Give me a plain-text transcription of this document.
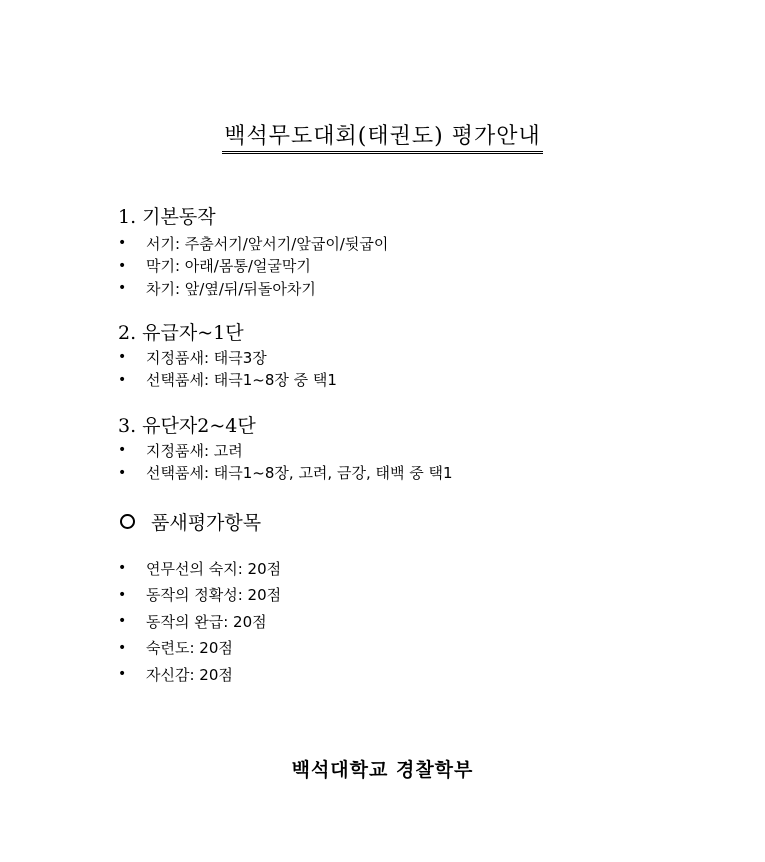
백석무도대회(태권도) 평가안내
1. 기본동작
•	서기: 주춤서기/앞서기/앞굽이/뒷굽이
•	막기: 아래/몸통/얼굴막기
•	차기: 앞/옆/뒤/뒤돌아차기
2. 유급자~1단
•	지정품새: 태극3장
•	선택품세: 태극1~8장 중 택1
3. 유단자2~4단
•	지정품새: 고려
•	선택품세: 태극1~8장, 고려, 금강, 태백 중 택1
품새평가항목
•	연무선의 숙지: 20점
•	동작의 정확성: 20점
•	동작의 완급: 20점
•	숙련도: 20점
•	자신감: 20점
백석대학교 경찰학부
